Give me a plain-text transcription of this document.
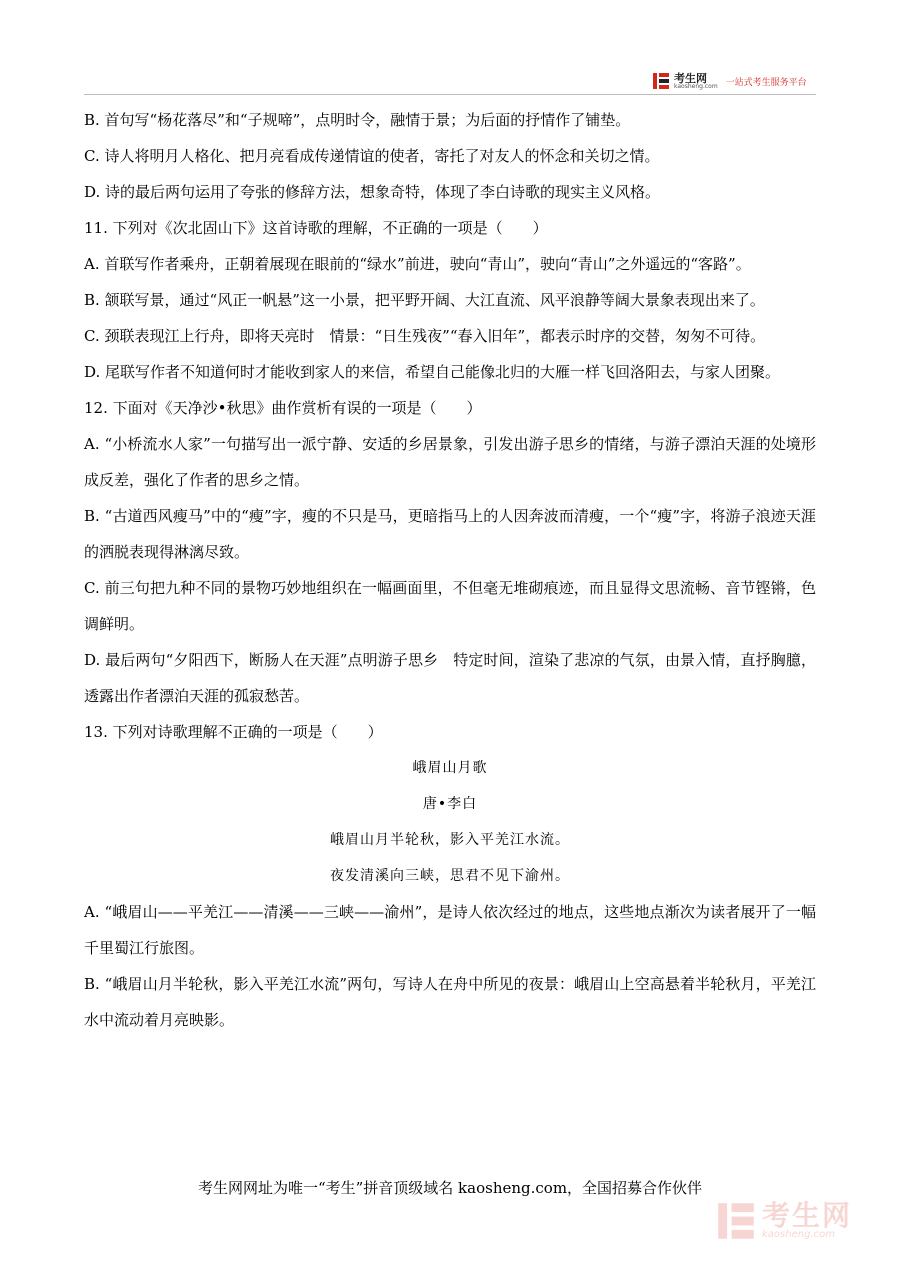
考生网
kaosheng.com 一站式考生服务平台

B. 首句写“杨花落尽”和“子规啼”，点明时令，融情于景；为后面的抒情作了铺垫。

C. 诗人将明月人格化、把月亮看成传递情谊的使者，寄托了对友人的怀念和关切之情。

D. 诗的最后两句运用了夸张的修辞方法，想象奇特，体现了李白诗歌的现实主义风格。

11. 下列对《次北固山下》这首诗歌的理解，不正确的一项是（　　）

A. 首联写作者乘舟，正朝着展现在眼前的“绿水”前进，驶向“青山”，驶向“青山”之外遥远的“客路”。

B. 颔联写景，通过“风正一帆悬”这一小景，把平野开阔、大江直流、风平浪静等阔大景象表现出来了。

C. 颈联表现江上行舟，即将天亮时　情景：“日生残夜”“春入旧年”，都表示时序的交替，匆匆不可待。

D. 尾联写作者不知道何时才能收到家人的来信，希望自己能像北归的大雁一样飞回洛阳去，与家人团聚。

12. 下面对《天净沙•秋思》曲作赏析有误的一项是（　　）

A. “小桥流水人家”一句描写出一派宁静、安适的乡居景象，引发出游子思乡的情绪，与游子漂泊天涯的处境形成反差，强化了作者的思乡之情。

B. “古道西风瘦马”中的“瘦”字，瘦的不只是马，更暗指马上的人因奔波而清瘦，一个“瘦”字，将游子浪迹天涯的洒脱表现得淋漓尽致。

C. 前三句把九种不同的景物巧妙地组织在一幅画面里，不但毫无堆砌痕迹，而且显得文思流畅、音节铿锵，色调鲜明。

D. 最后两句“夕阳西下，断肠人在天涯”点明游子思乡　特定时间，渲染了悲凉的气氛，由景入情，直抒胸臆，透露出作者漂泊天涯的孤寂愁苦。

13. 下列对诗歌理解不正确的一项是（　　）

峨眉山月歌

唐•李白

峨眉山月半轮秋，影入平羌江水流。

夜发清溪向三峡，思君不见下渝州。

A. “峨眉山——平羌江——清溪——三峡——渝州”，是诗人依次经过的地点，这些地点渐次为读者展开了一幅千里蜀江行旅图。

B. “峨眉山月半轮秋，影入平羌江水流”两句，写诗人在舟中所见的夜景：峨眉山上空高悬着半轮秋月，平羌江水中流动着月亮映影。

考生网网址为唯一“考生”拼音顶级域名 kaosheng.com，全国招募合作伙伴
考生网
kaosheng.com
